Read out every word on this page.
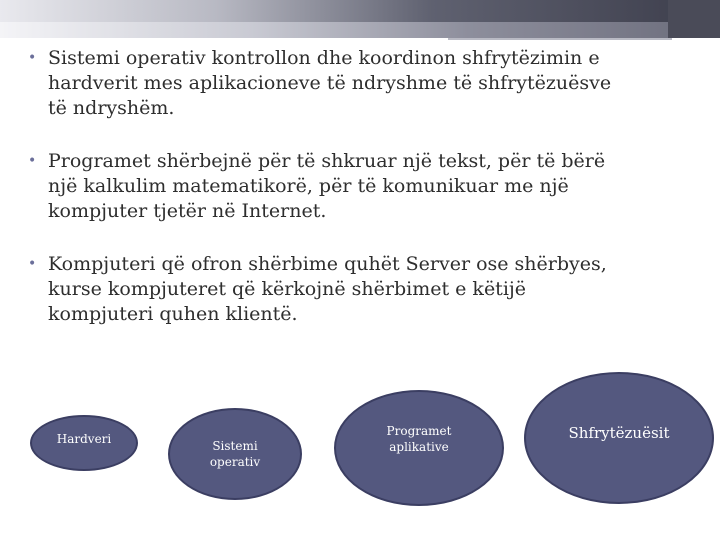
• Sistemi operativ kontrollon dhe koordinon shfrytëzimin e
hardverit mes aplikacioneve të ndryshme të shfrytëzuësve
të ndryshëm.
• Programet shërbejnë për të shkruar një tekst, për të bërë
një kalkulim matematikorë, për të komunikuar me një
kompjuter tjetër në Internet.
• Kompjuteri që ofron shërbime quhët Server ose shërbyes,
kurse kompjuteret që kërkojnë shërbimet e këtijë
kompjuteri quhen klientë.
Hardveri	Sistemi
operativ
Programet
aplikative
Shfrytëzuësit
